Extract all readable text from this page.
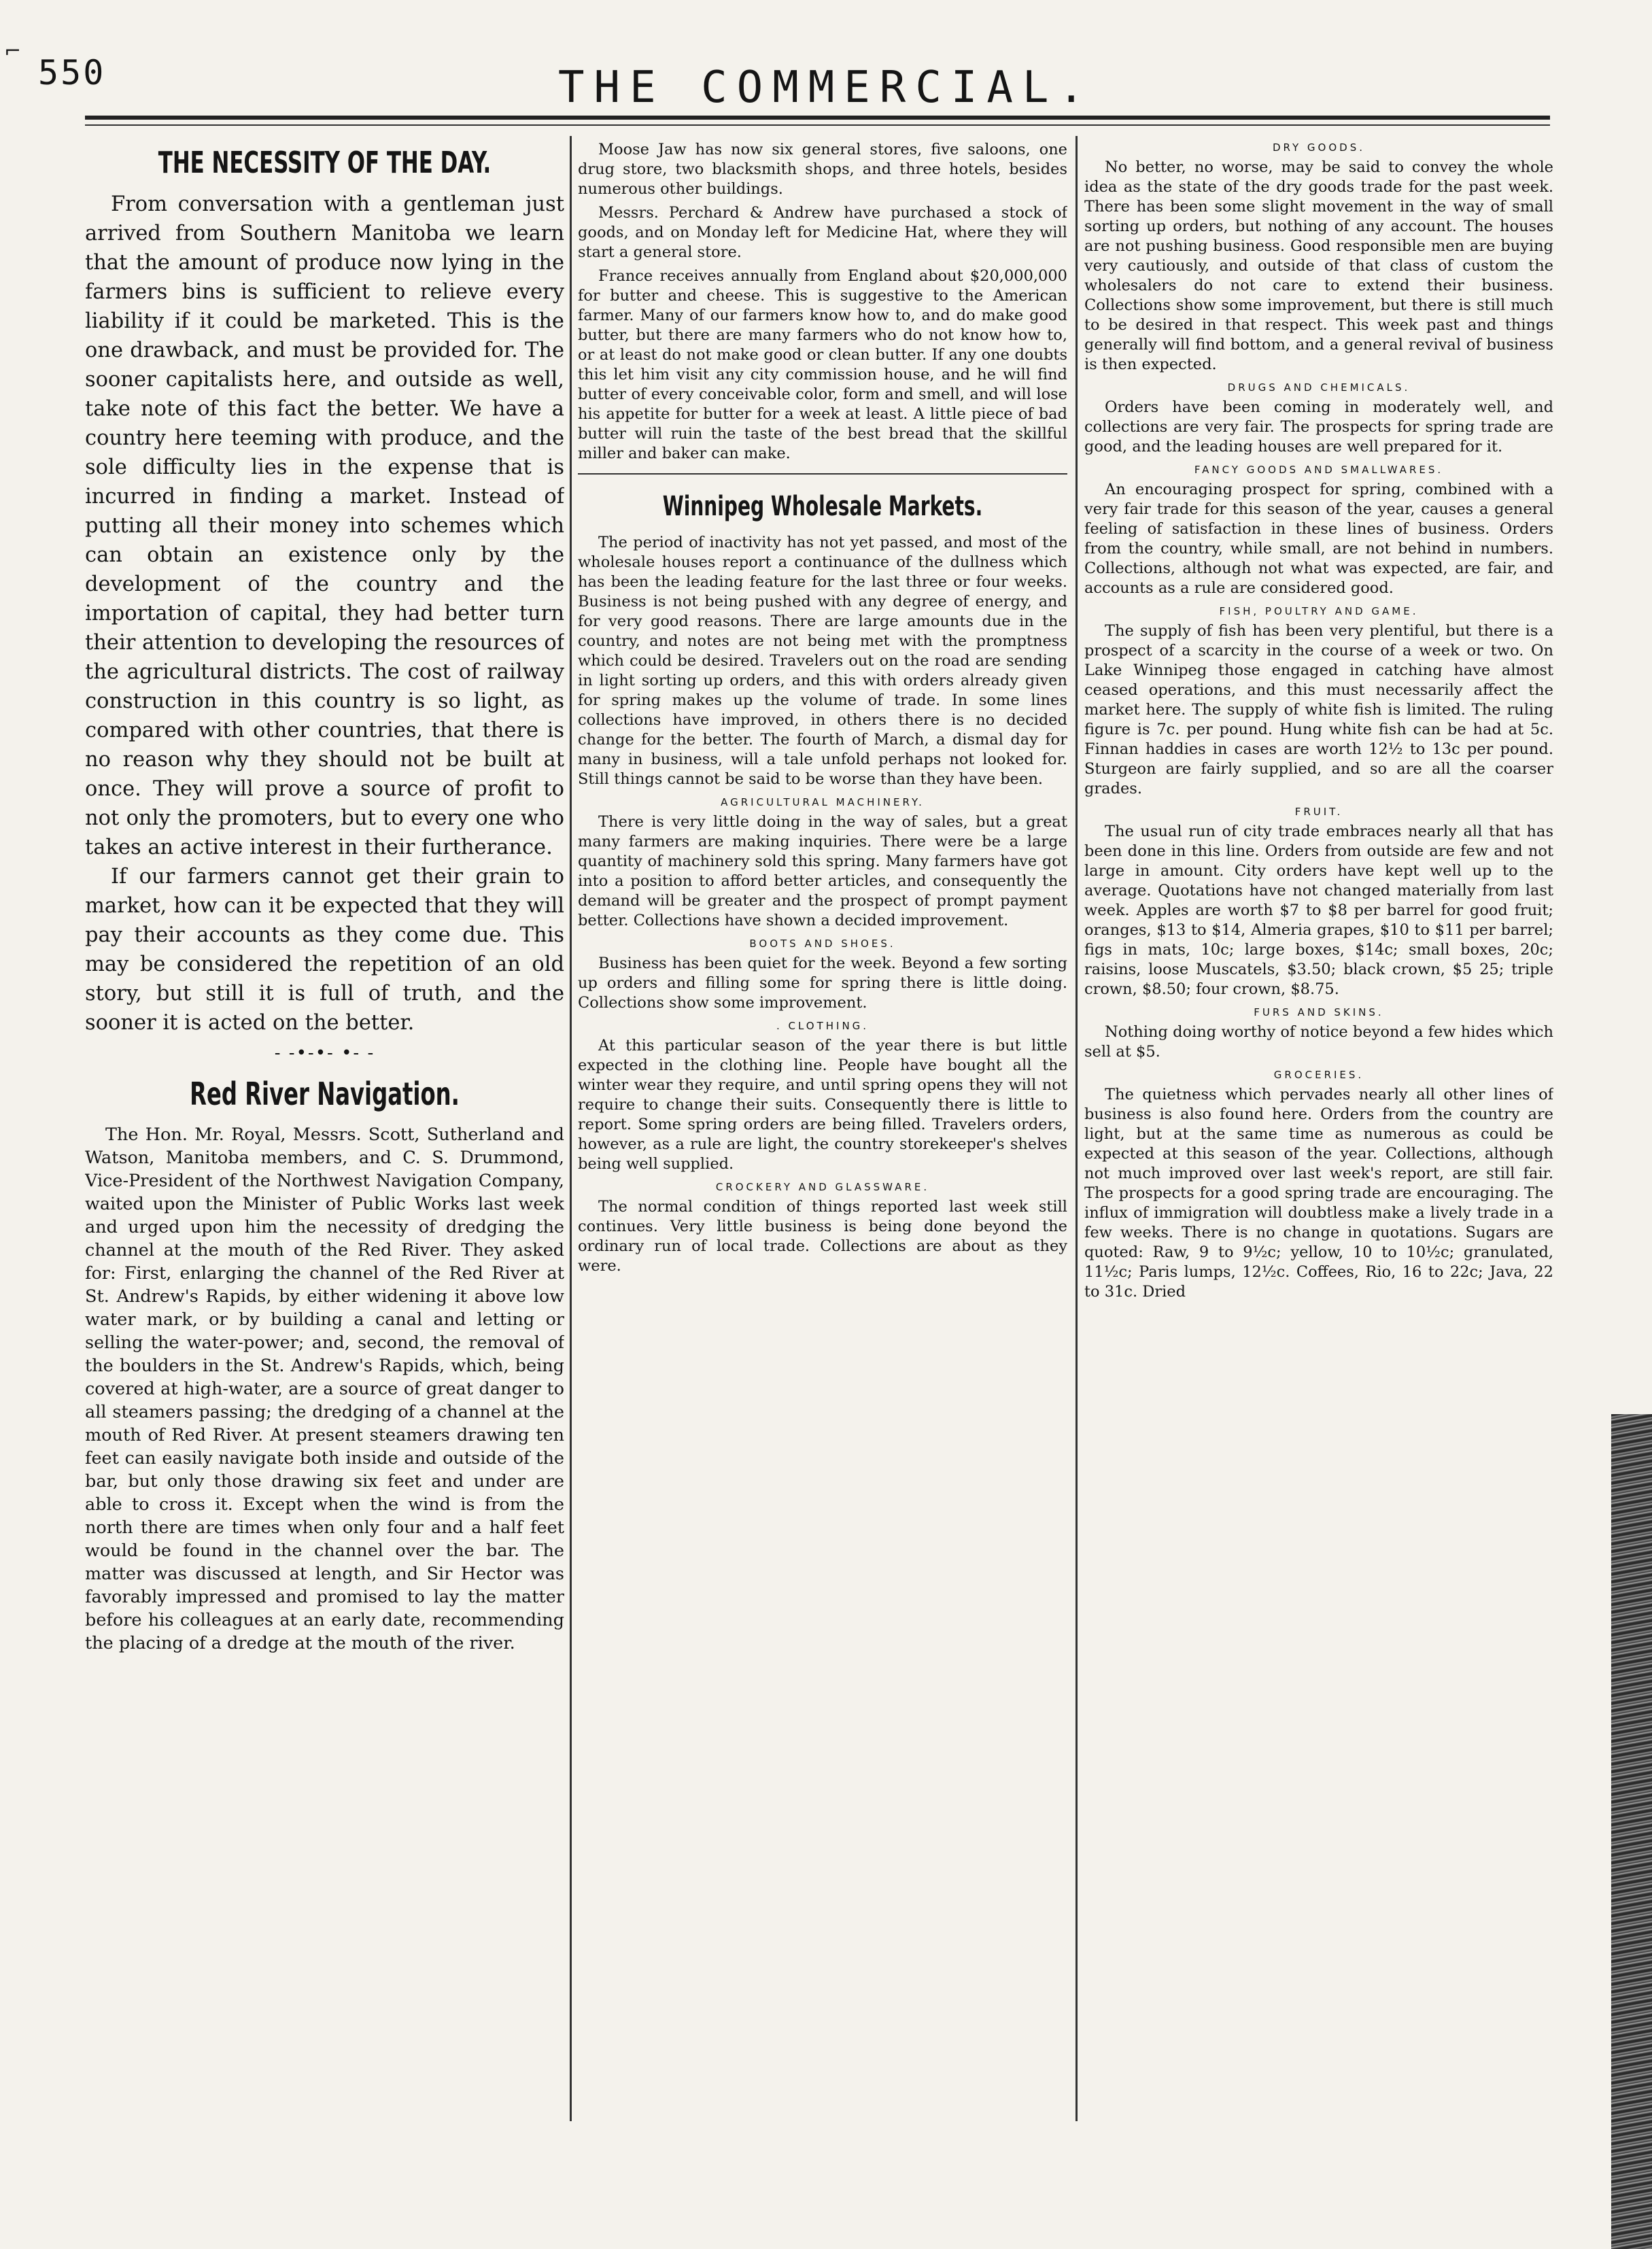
⌐
550	THE COMMERCIAL.
THE NECESSITY OF THE DAY.

From conversation with a gentleman just arrived from Southern Manitoba we learn that the amount of produce now lying in the farmers bins is sufficient to relieve every liability if it could be marketed. This is the one drawback, and must be provided for. The sooner capitalists here, and outside as well, take note of this fact the better. We have a country here teeming with produce, and the sole difficulty lies in the expense that is incurred in finding a market. Instead of putting all their money into schemes which can obtain an existence only by the development of the country and the importation of capital, they had better turn their attention to developing the resources of the agricultural districts. The cost of railway construction in this country is so light, as compared with other countries, that there is no reason why they should not be built at once. They will prove a source of profit to not only the promoters, but to every one who takes an active interest in their furtherance.

If our farmers cannot get their grain to market, how can it be expected that they will pay their accounts as they come due. This may be considered the repetition of an old story, but still it is full of truth, and the sooner it is acted on the better.

- -•-•- •- -
Red River Navigation.

The Hon. Mr. Royal, Messrs. Scott, Sutherland and Watson, Manitoba members, and C. S. Drummond, Vice-President of the Northwest Navigation Company, waited upon the Minister of Public Works last week and urged upon him the necessity of dredging the channel at the mouth of the Red River. They asked for: First, enlarging the channel of the Red River at St. Andrew's Rapids, by either widening it above low water mark, or by building a canal and letting or selling the water-power; and, second, the removal of the boulders in the St. Andrew's Rapids, which, being covered at high-water, are a source of great danger to all steamers passing; the dredging of a channel at the mouth of Red River. At present steamers drawing ten feet can easily navigate both inside and outside of the bar, but only those drawing six feet and under are able to cross it. Except when the wind is from the north there are times when only four and a half feet would be found in the channel over the bar. The matter was discussed at length, and Sir Hector was favorably impressed and promised to lay the matter before his colleagues at an early date, recommending the placing of a dredge at the mouth of the river.

Moose Jaw has now six general stores, five saloons, one drug store, two blacksmith shops, and three hotels, besides numerous other buildings.

Messrs. Perchard & Andrew have purchased a stock of goods, and on Monday left for Medicine Hat, where they will start a general store.

France receives annually from England about $20,000,000 for butter and cheese. This is suggestive to the American farmer. Many of our farmers know how to, and do make good butter, but there are many farmers who do not know how to, or at least do not make good or clean butter. If any one doubts this let him visit any city commission house, and he will find butter of every conceivable color, form and smell, and will lose his appetite for butter for a week at least. A little piece of bad butter will ruin the taste of the best bread that the skillful miller and baker can make.

Winnipeg Wholesale Markets.

The period of inactivity has not yet passed, and most of the wholesale houses report a continuance of the dullness which has been the leading feature for the last three or four weeks. Business is not being pushed with any degree of energy, and for very good reasons. There are large amounts due in the country, and notes are not being met with the promptness which could be desired. Travelers out on the road are sending in light sorting up orders, and this with orders already given for spring makes up the volume of trade. In some lines collections have improved, in others there is no decided change for the better. The fourth of March, a dismal day for many in business, will a tale unfold perhaps not looked for. Still things cannot be said to be worse than they have been.

AGRICULTURAL MACHINERY.

There is very little doing in the way of sales, but a great many farmers are making inquiries. There were be a large quantity of machinery sold this spring. Many farmers have got into a position to afford better articles, and consequently the demand will be greater and the prospect of prompt payment better. Collections have shown a decided improvement.

BOOTS AND SHOES.

Business has been quiet for the week. Beyond a few sorting up orders and filling some for spring there is little doing. Collections show some improvement.

. CLOTHING.

At this particular season of the year there is but little expected in the clothing line. People have bought all the winter wear they require, and until spring opens they will not require to change their suits. Consequently there is little to report. Some spring orders are being filled. Travelers orders, however, as a rule are light, the country storekeeper's shelves being well supplied.

CROCKERY AND GLASSWARE.

The normal condition of things reported last week still continues. Very little business is being done beyond the ordinary run of local trade. Collections are about as they were.

DRY GOODS.

No better, no worse, may be said to convey the whole idea as the state of the dry goods trade for the past week. There has been some slight movement in the way of small sorting up orders, but nothing of any account. The houses are not pushing business. Good responsible men are buying very cautiously, and outside of that class of custom the wholesalers do not care to extend their business. Collections show some improvement, but there is still much to be desired in that respect. This week past and things generally will find bottom, and a general revival of business is then expected.

DRUGS AND CHEMICALS.

Orders have been coming in moderately well, and collections are very fair. The prospects for spring trade are good, and the leading houses are well prepared for it.

FANCY GOODS AND SMALLWARES.

An encouraging prospect for spring, combined with a very fair trade for this season of the year, causes a general feeling of satisfaction in these lines of business. Orders from the country, while small, are not behind in numbers. Collections, although not what was expected, are fair, and accounts as a rule are considered good.

FISH, POULTRY AND GAME.

The supply of fish has been very plentiful, but there is a prospect of a scarcity in the course of a week or two. On Lake Winnipeg those engaged in catching have almost ceased operations, and this must necessarily affect the market here. The supply of white fish is limited. The ruling figure is 7c. per pound. Hung white fish can be had at 5c. Finnan haddies in cases are worth 12½ to 13c per pound. Sturgeon are fairly supplied, and so are all the coarser grades.

FRUIT.

The usual run of city trade embraces nearly all that has been done in this line. Orders from outside are few and not large in amount. City orders have kept well up to the average. Quotations have not changed materially from last week. Apples are worth $7 to $8 per barrel for good fruit; oranges, $13 to $14, Almeria grapes, $10 to $11 per barrel; figs in mats, 10c; large boxes, $14c; small boxes, 20c; raisins, loose Muscatels, $3.50; black crown, $5 25; triple crown, $8.50; four crown, $8.75.

FURS AND SKINS.

Nothing doing worthy of notice beyond a few hides which sell at $5.

GROCERIES.

The quietness which pervades nearly all other lines of business is also found here. Orders from the country are light, but at the same time as numerous as could be expected at this season of the year. Collections, although not much improved over last week's report, are still fair. The prospects for a good spring trade are encouraging. The influx of immigration will doubtless make a lively trade in a few weeks. There is no change in quotations. Sugars are quoted: Raw, 9 to 9½c; yellow, 10 to 10½c; granulated, 11½c; Paris lumps, 12½c. Coffees, Rio, 16 to 22c; Java, 22 to 31c. Dried
